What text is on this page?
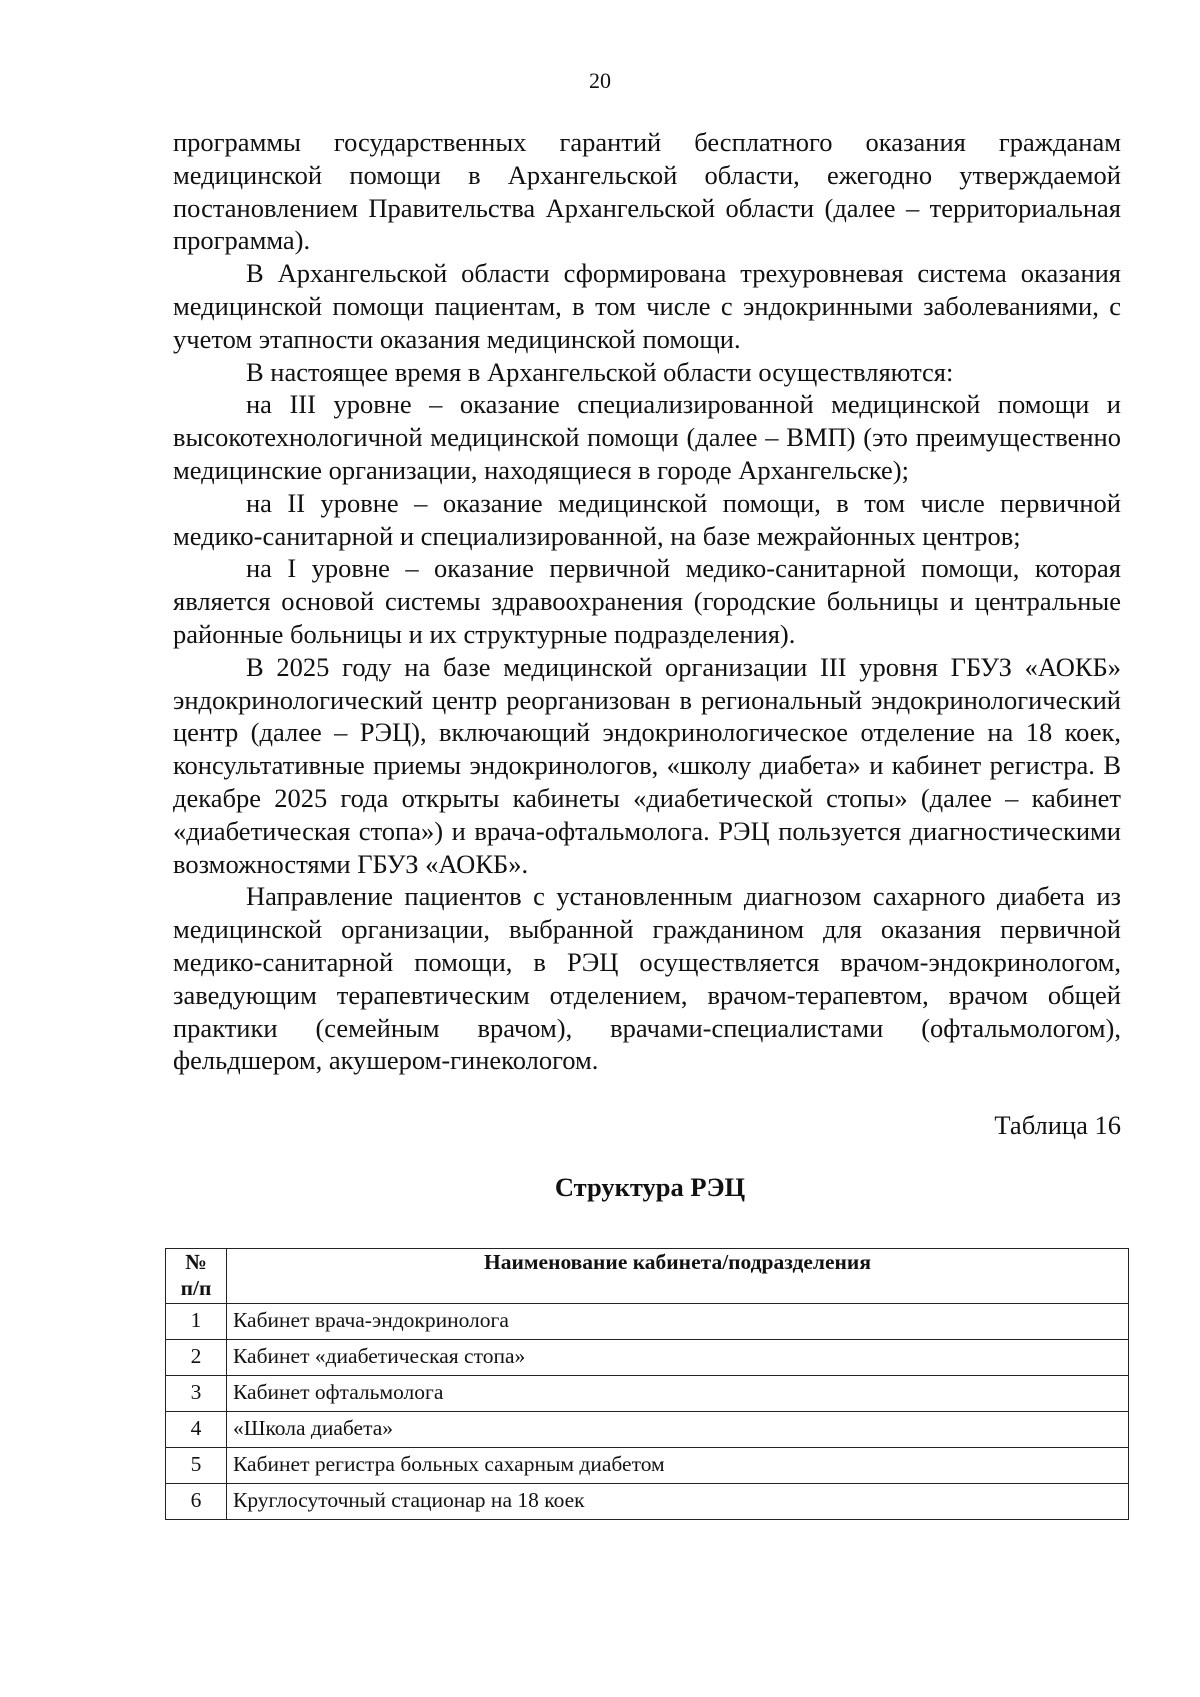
20

программы государственных гарантий бесплатного оказания гражданам медицинской помощи в Архангельской области, ежегодно утверждаемой постановлением Правительства Архангельской области (далее – территориальная программа).

В Архангельской области сформирована трехуровневая система оказания медицинской помощи пациентам, в том числе с эндокринными заболеваниями, с учетом этапности оказания медицинской помощи.

В настоящее время в Архангельской области осуществляются:

на III уровне – оказание специализированной медицинской помощи и высокотехнологичной медицинской помощи (далее – ВМП) (это преимущественно медицинские организации, находящиеся в городе Архангельске);

на II уровне – оказание медицинской помощи, в том числе первичной медико-санитарной и специализированной, на базе межрайонных центров;

на I уровне – оказание первичной медико-санитарной помощи, которая является основой системы здравоохранения (городские больницы и центральные районные больницы и их структурные подразделения).

В 2025 году на базе медицинской организации III уровня ГБУЗ «АОКБ» эндокринологический центр реорганизован в региональный эндокринологический центр (далее – РЭЦ), включающий эндокринологическое отделение на 18 коек, консультативные приемы эндокринологов, «школу диабета» и кабинет регистра. В декабре 2025 года открыты кабинеты «диабетической стопы» (далее – кабинет «диабетическая стопа») и врача-офтальмолога. РЭЦ пользуется диагностическими возможностями ГБУЗ «АОКБ».

Направление пациентов с установленным диагнозом сахарного диабета из медицинской организации, выбранной гражданином для оказания первичной медико-санитарной помощи, в РЭЦ осуществляется врачом-эндокринологом, заведующим терапевтическим отделением, врачом-терапевтом, врачом общей практики (семейным врачом), врачами-специалистами (офтальмологом), фельдшером, акушером-гинекологом.

Таблица 16
Структура РЭЦ
№
п/п	Наименование кабинета/подразделения
1	Кабинет врача-эндокринолога
2	Кабинет «диабетическая стопа»
3	Кабинет офтальмолога
4	«Школа диабета»
5	Кабинет регистра больных сахарным диабетом
6	Круглосуточный стационар на 18 коек
